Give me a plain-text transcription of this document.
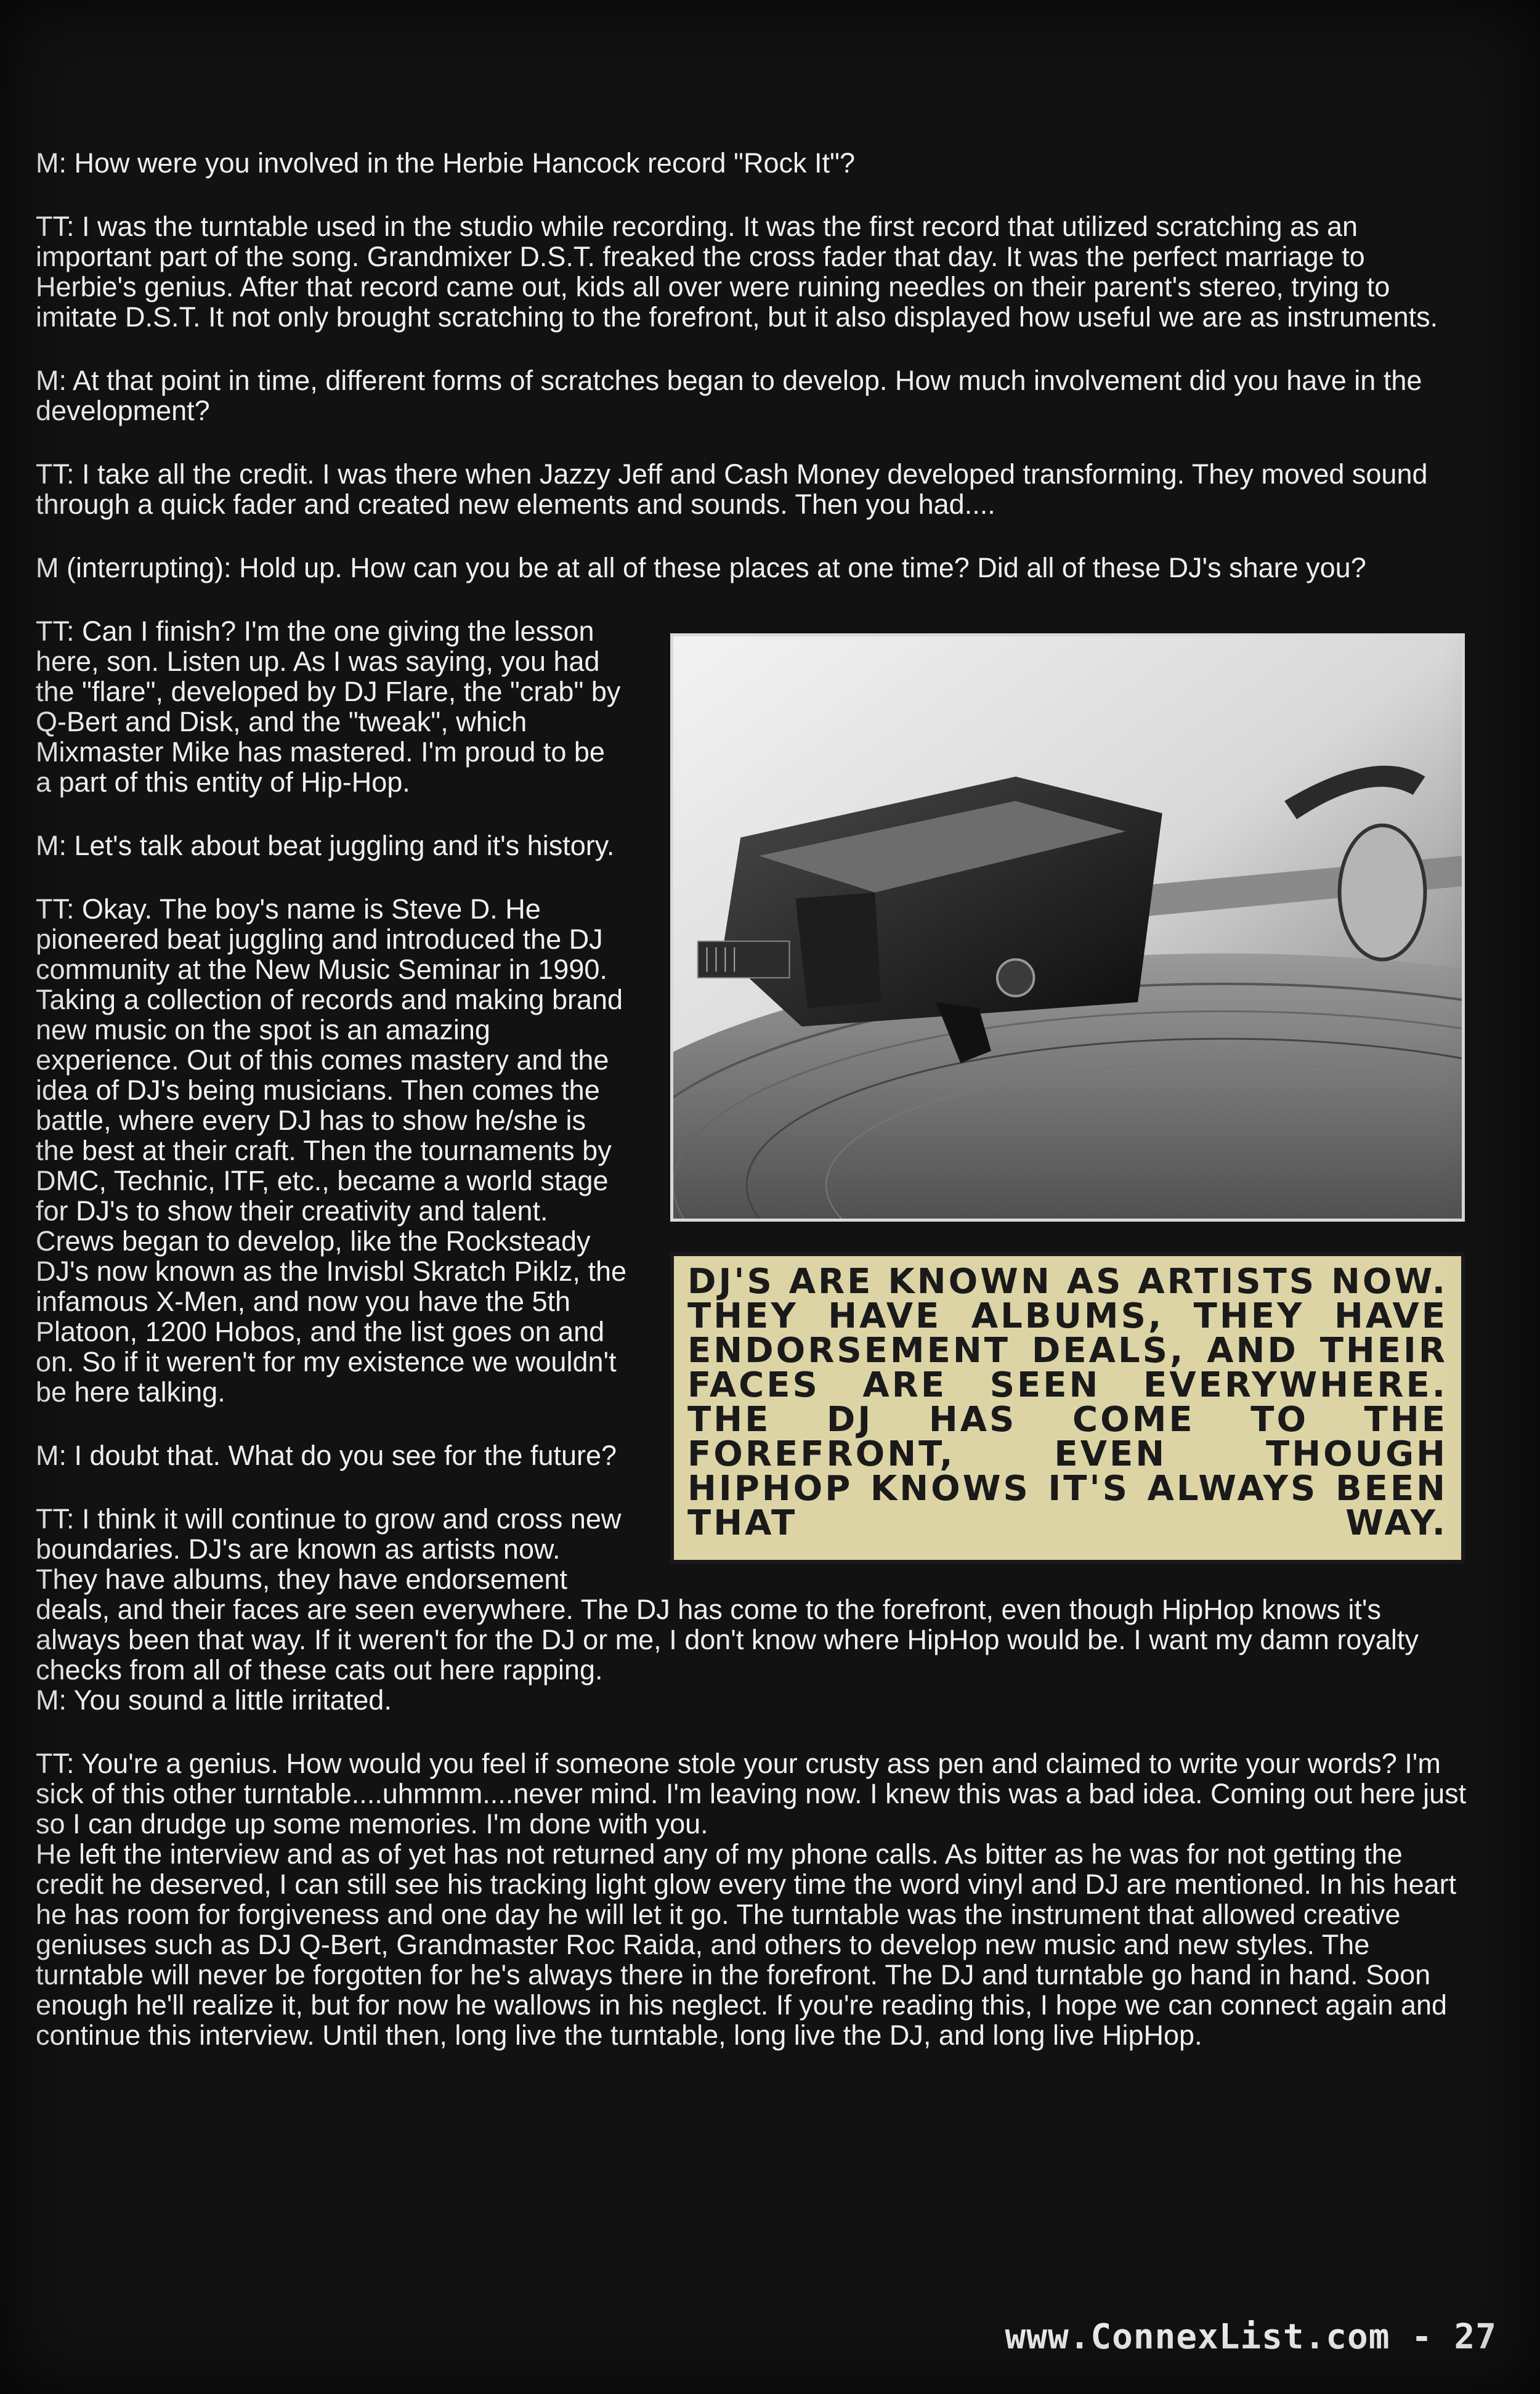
M: How were you involved in the Herbie Hancock record "Rock It"?

TT: I was the turntable used in the studio while recording. It was the first record that utilized scratching as an important part of the song. Grandmixer D.S.T. freaked the cross fader that day. It was the perfect marriage to Herbie's genius. After that record came out, kids all over were ruining needles on their parent's stereo, trying to imitate D.S.T. It not only brought scratching to the forefront, but it also displayed how useful we are as instruments.

M: At that point in time, different forms of scratches began to develop. How much involvement did you have in the development?

TT: I take all the credit. I was there when Jazzy Jeff and Cash Money developed transforming. They moved sound through a quick fader and created new elements and sounds. Then you had....

M (interrupting): Hold up. How can you be at all of these places at one time? Did all of these DJ's share you?

DJ'S ARE KNOWN AS ARTISTS NOW. THEY HAVE ALBUMS, THEY HAVE ENDORSEMENT DEALS, AND THEIR FACES ARE SEEN EVERYWHERE. THE DJ HAS COME TO THE FOREFRONT, EVEN THOUGH HIPHOP KNOWS IT'S ALWAYS BEEN THAT WAY.

TT: Can I finish? I'm the one giving the lesson here, son. Listen up. As I was saying, you had the "flare", developed by DJ Flare, the "crab" by Q-Bert and Disk, and the "tweak", which Mixmaster Mike has mastered. I'm proud to be a part of this entity of Hip-Hop.

M: Let's talk about beat juggling and it's history.

TT: Okay. The boy's name is Steve D. He pioneered beat juggling and introduced the DJ community at the New Music Seminar in 1990. Taking a collection of records and making brand new music on the spot is an amazing experience. Out of this comes mastery and the idea of DJ's being musicians. Then comes the battle, where every DJ has to show he/she is the best at their craft. Then the tournaments by DMC, Technic, ITF, etc., became a world stage for DJ's to show their creativity and talent. Crews began to develop, like the Rocksteady DJ's now known as the Invisbl Skratch Piklz, the infamous X-Men, and now you have the 5th Platoon, 1200 Hobos, and the list goes on and on. So if it weren't for my existence we wouldn't be here talking.

M: I doubt that. What do you see for the future?

TT: I think it will continue to grow and cross new boundaries. DJ's are known as artists now. They have albums, they have endorsement deals, and their faces are seen everywhere. The DJ has come to the forefront, even though HipHop knows it's always been that way. If it weren't for the DJ or me, I don't know where HipHop would be. I want my damn royalty checks from all of these cats out here rapping.

M: You sound a little irritated.

TT: You're a genius. How would you feel if someone stole your crusty ass pen and claimed to write your words? I'm sick of this other turntable....uhmmm....never mind. I'm leaving now. I knew this was a bad idea. Coming out here just so I can drudge up some memories. I'm done with you.

He left the interview and as of yet has not returned any of my phone calls. As bitter as he was for not getting the credit he deserved, I can still see his tracking light glow every time the word vinyl and DJ are mentioned. In his heart he has room for forgiveness and one day he will let it go. The turntable was the instrument that allowed creative geniuses such as DJ Q-Bert, Grandmaster Roc Raida, and others to develop new music and new styles. The turntable will never be forgotten for he's always there in the forefront. The DJ and turntable go hand in hand. Soon enough he'll realize it, but for now he wallows in his neglect. If you're reading this, I hope we can connect again and continue this interview. Until then, long live the turntable, long live the DJ, and long live HipHop.

www.ConnexList.com - 27
